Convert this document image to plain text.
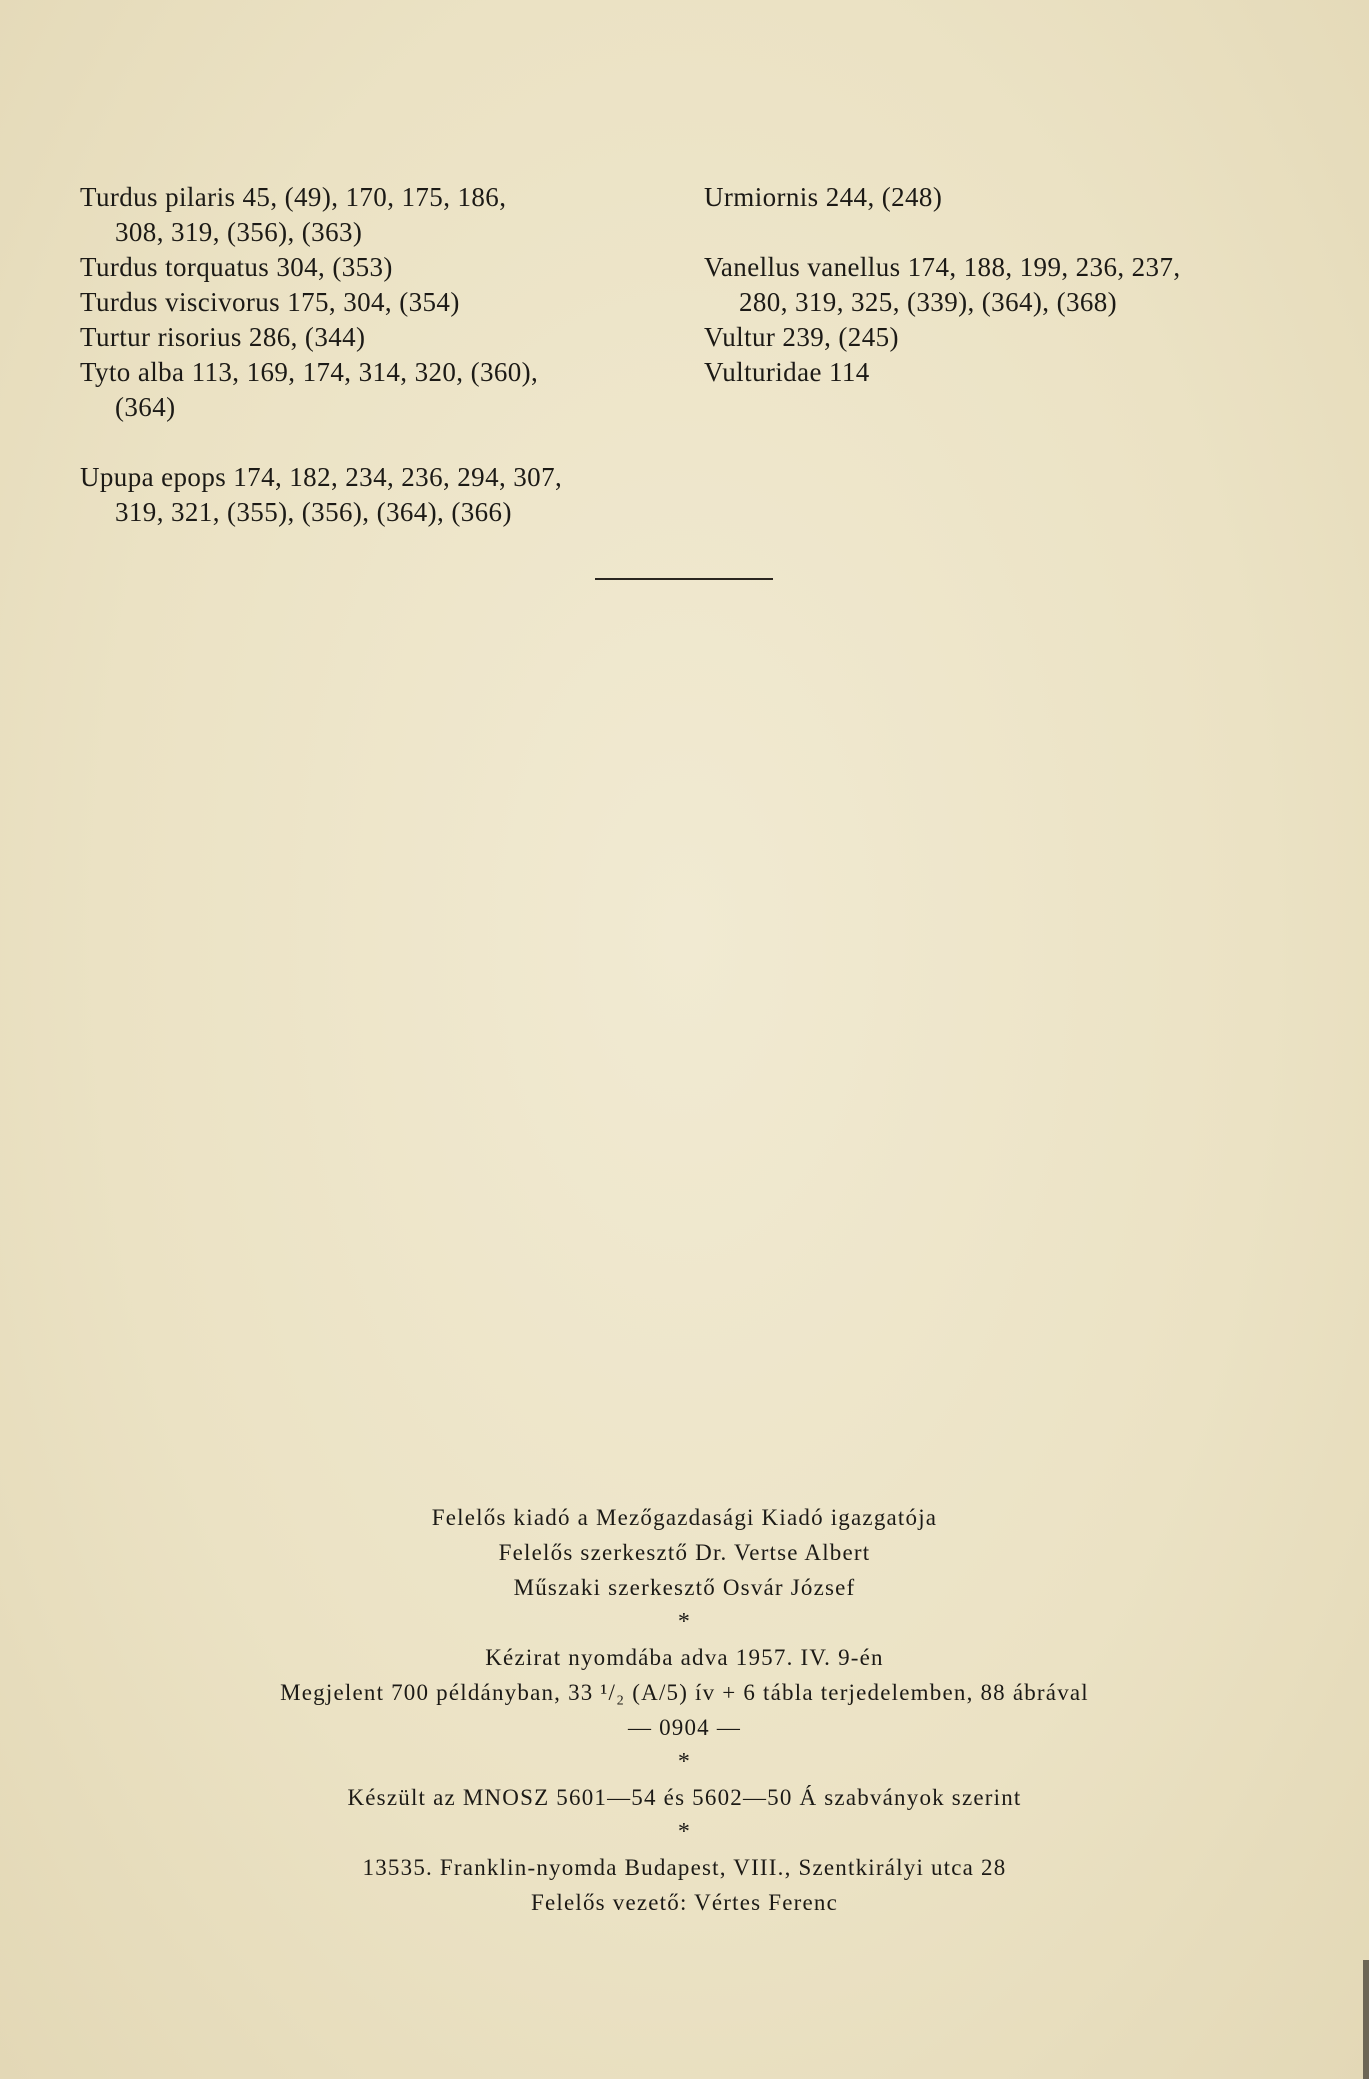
Turdus pilaris 45, (49), 170, 175, 186,
308, 319, (356), (363)

Turdus torquatus 304, (353)

Turdus viscivorus 175, 304, (354)

Turtur risorius 286, (344)

Tyto alba 113, 169, 174, 314, 320, (360),
(364)

Upupa epops 174, 182, 234, 236, 294, 307,
319, 321, (355), (356), (364), (366)

Urmiornis 244, (248)

Vanellus vanellus 174, 188, 199, 236, 237,
280, 319, 325, (339), (364), (368)

Vultur 239, (245)

Vulturidae 114

Felelős kiadó a Mezőgazdasági Kiadó igazgatója
Felelős szerkesztő Dr. Vertse Albert
Műszaki szerkesztő Osvár József
*
Kézirat nyomdába adva 1957. IV. 9-én
Megjelent 700 példányban, 33 ¹/₂ (A/5) ív + 6 tábla terjedelemben, 88 ábrával
— 0904 —
*
Készült az MNOSZ 5601—54 és 5602—50 Á szabványok szerint
*
13535. Franklin-nyomda Budapest, VIII., Szentkirályi utca 28
Felelős vezető: Vértes Ferenc
